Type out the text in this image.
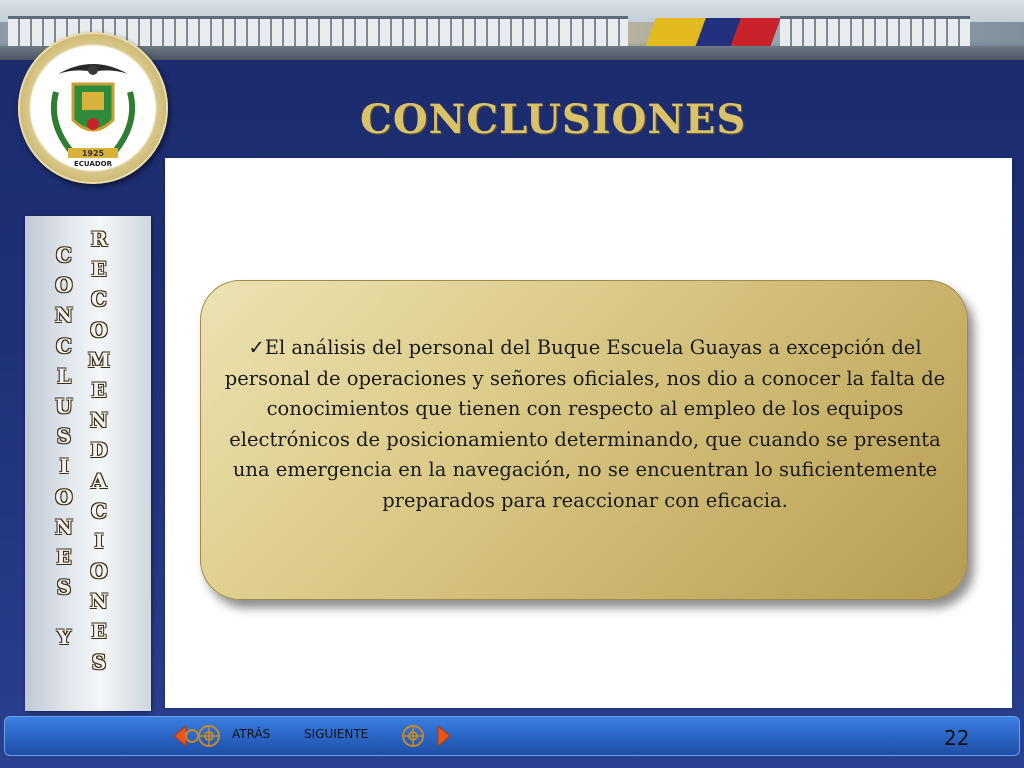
1925
ECUADOR
CONCLUSIONES
C
O
N
C
L
U
S
I
O
N
E
S
Y
R
E
C
O
M
E
N
D
A
C
I
O
N
E
S

✓El análisis del personal del Buque Escuela Guayas a excepción del personal de operaciones y señores oficiales, nos dio a conocer la falta de conocimientos que tienen con respecto al empleo de los equipos electrónicos de posicionamiento determinando, que cuando se presenta una emergencia en la navegación, no se encuentran lo suficientemente preparados para reaccionar con eficacia.

ATRÁS	SIGUIENTE	22
